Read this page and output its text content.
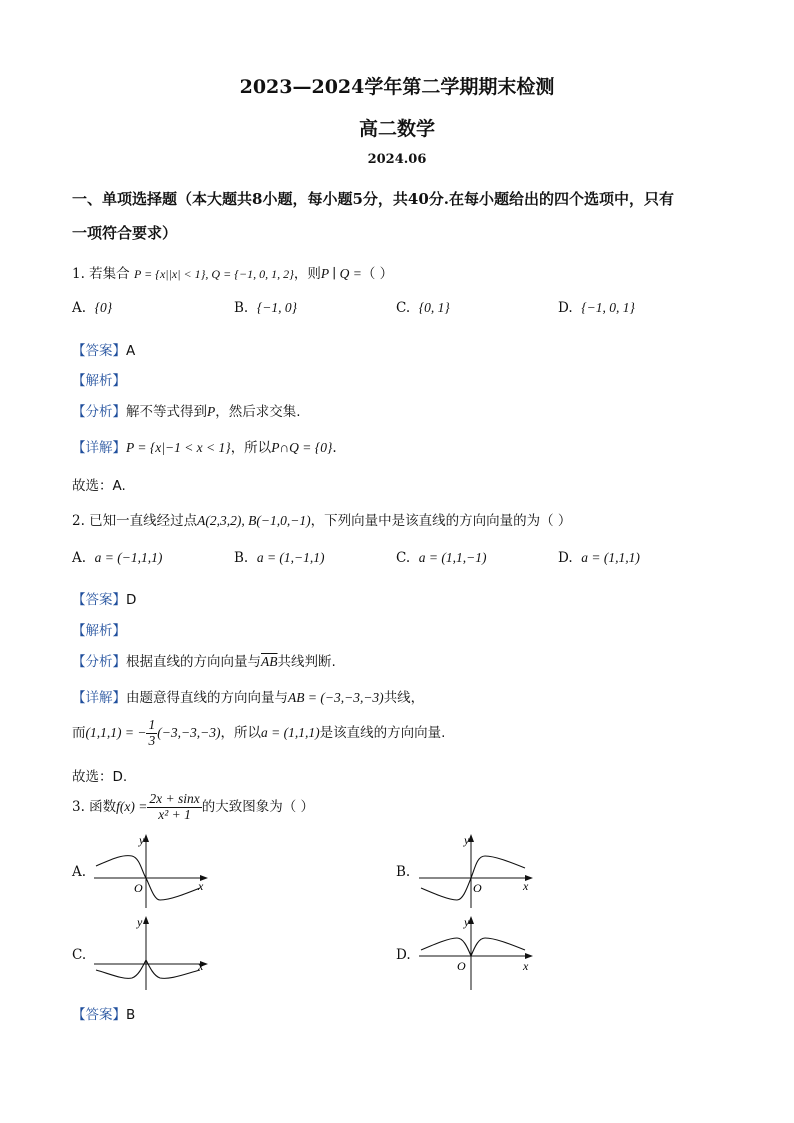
2023—2024学年第二学期期末检测
高二数学
2024.06
一、单项选择题（本大题共8小题，每小题5分，共40分.在每小题给出的四个选项中，只有
一项符合要求）
1. 若集合 P = {x||x| < 1}, Q = {−1, 0, 1, 2}，则P ∣ Q =（ ）
A. {0}	B. {−1, 0}	C. {0, 1}	D. {−1, 0, 1}
【答案】A
【解析】
【分析】解不等式得到P，然后求交集.
【详解】P = {x|−1 < x < 1}，所以P∩Q = {0}.
故选：A.
2. 已知一直线经过点A(2,3,2), B(−1,0,−1)，下列向量中是该直线的方向向量的为（ ）
A. a = (−1,1,1)	B. a = (1,−1,1)	C. a = (1,1,−1)	D. a = (1,1,1)
【答案】D
【解析】
【分析】根据直线的方向向量与$\overline{AB}$共线判断.
【详解】由题意得直线的方向向量与AB = (−3,−3,−3)共线，
而(1,1,1) = − $\frac{1}{3} (-3,-3,-3)$，所以a = (1,1,1)是该直线的方向向量.
故选：D.
3. 函数$f(x) = \frac{2x + \sin x}{\text{x² + 1}}$ 的大致图象为（ ）
A.	B.
C.	D.
y
x
O
y
x
O
y
x
y
x
O
【答案】B
